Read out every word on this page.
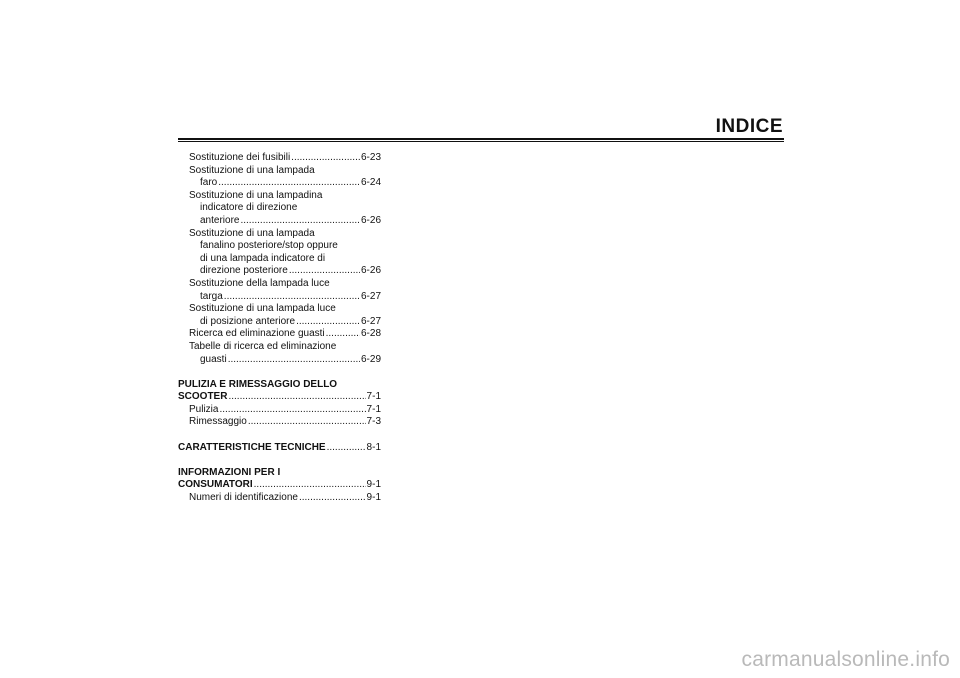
INDICE
Sostituzione dei fusibili .....	6-23
Sostituzione di una lampada
faro .....	6-24
Sostituzione di una lampadina
indicatore di direzione
anteriore .....	6-26
Sostituzione di una lampada
fanalino posteriore/stop oppure
di una lampada indicatore di
direzione posteriore .....	6-26
Sostituzione della lampada luce
targa .....	6-27
Sostituzione di una lampada luce
di posizione anteriore .....	6-27
Ricerca ed eliminazione guasti .....	6-28
Tabelle di ricerca ed eliminazione
guasti .....	6-29
PULIZIA E RIMESSAGGIO DELLO
SCOOTER .....	7-1
Pulizia .....	7-1
Rimessaggio .....	7-3
CARATTERISTICHE TECNICHE .....	8-1
INFORMAZIONI PER I
CONSUMATORI .....	9-1
Numeri di identificazione .....	9-1
carmanualsonline.info
